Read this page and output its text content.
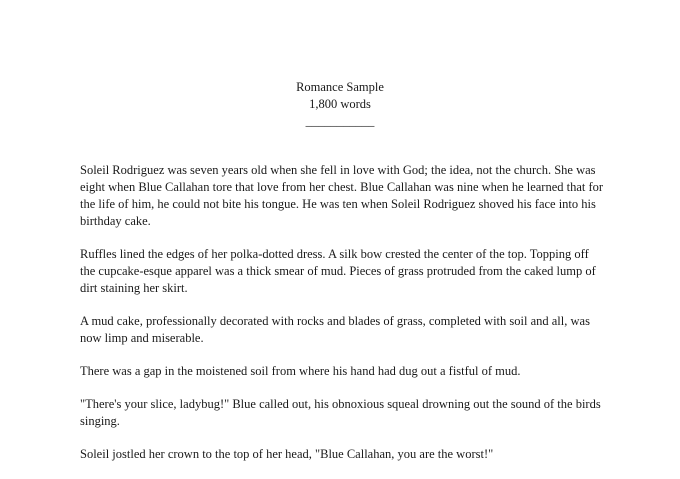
Romance Sample
1,800 words
___________

Soleil Rodriguez was seven years old when she fell in love with God; the idea, not the church. She was eight when Blue Callahan tore that love from her chest. Blue Callahan was nine when he learned that for the life of him, he could not bite his tongue. He was ten when Soleil Rodriguez shoved his face into his birthday cake.

Ruffles lined the edges of her polka-dotted dress. A silk bow crested the center of the top. Topping off the cupcake-esque apparel was a thick smear of mud. Pieces of grass protruded from the caked lump of dirt staining her skirt.

A mud cake, professionally decorated with rocks and blades of grass, completed with soil and all, was now limp and miserable.

There was a gap in the moistened soil from where his hand had dug out a fistful of mud.

"There's your slice, ladybug!" Blue called out, his obnoxious squeal drowning out the sound of the birds singing.

Soleil jostled her crown to the top of her head, "Blue Callahan, you are the worst!"
